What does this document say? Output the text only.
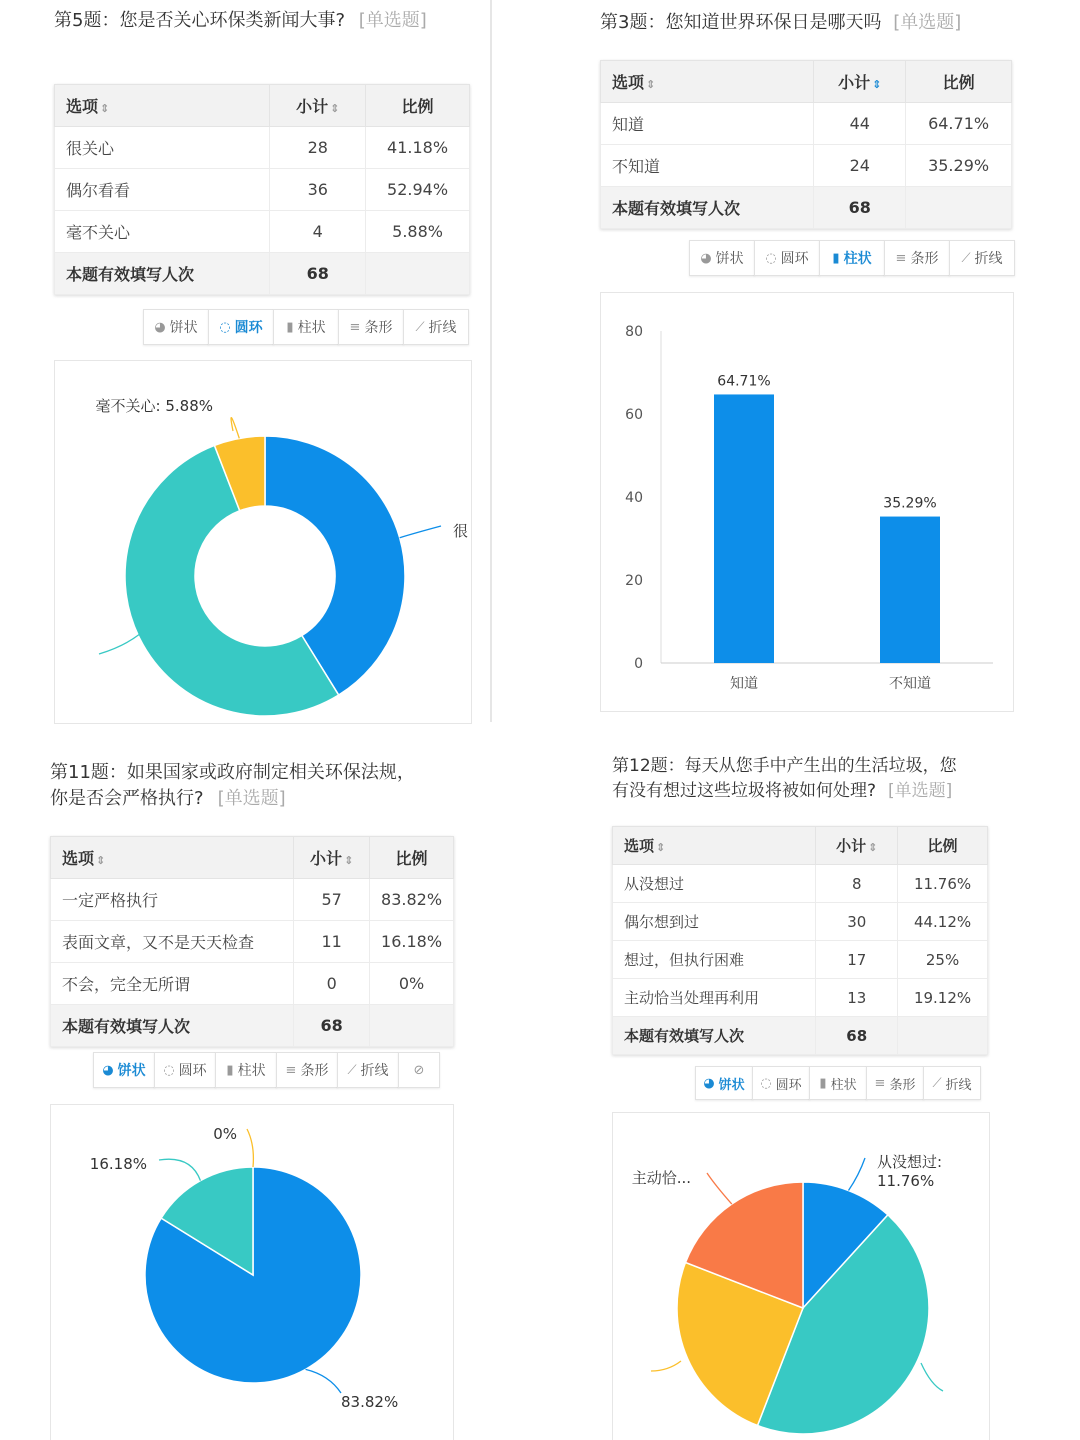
第5题：您是否关心环保类新闻大事? [单选题]
选项 ⇕	小计 ⇕	比例
很关心	28	41.18%
偶尔看看	36	52.94%
毫不关心	4	5.88%
本题有效填写人次	68	
◕ 饼状 ◌ 圆环 ▮ 柱状 ≡ 条形 ⟋ 折线
毫不关心: 5.88%
很
第3题：您知道世界环保日是哪天吗 [单选题]
选项 ⇕	小计 ⇕	比例
知道	44	64.71%
不知道	24	35.29%
本题有效填写人次	68	
◕ 饼状 ◌ 圆环 ▮ 柱状 ≡ 条形 ⟋ 折线
0
20
40
60
80
64.71%
知道
35.29%
不知道
第11题：如果国家或政府制定相关环保法规，
你是否会严格执行? [单选题]
选项 ⇕	小计 ⇕	比例
一定严格执行	57	83.82%
表面文章，又不是天天检查	11	16.18%
不会，完全无所谓	0	0%
本题有效填写人次	68	
◕ 饼状 ◌ 圆环 ▮ 柱状 ≡ 条形 ⟋ 折线 ⊘
83.82%
16.18%
0%
第12题：每天从您手中产生出的生活垃圾，您
有没有想过这些垃圾将被如何处理? [单选题]
选项 ⇕	小计 ⇕	比例
从没想过	8	11.76%
偶尔想到过	30	44.12%
想过，但执行困难	17	25%
主动恰当处理再利用	13	19.12%
本题有效填写人次	68	
◕ 饼状 ◌ 圆环 ▮ 柱状 ≡ 条形 ⟋ 折线
从没想过:
11.76%
主动恰...
